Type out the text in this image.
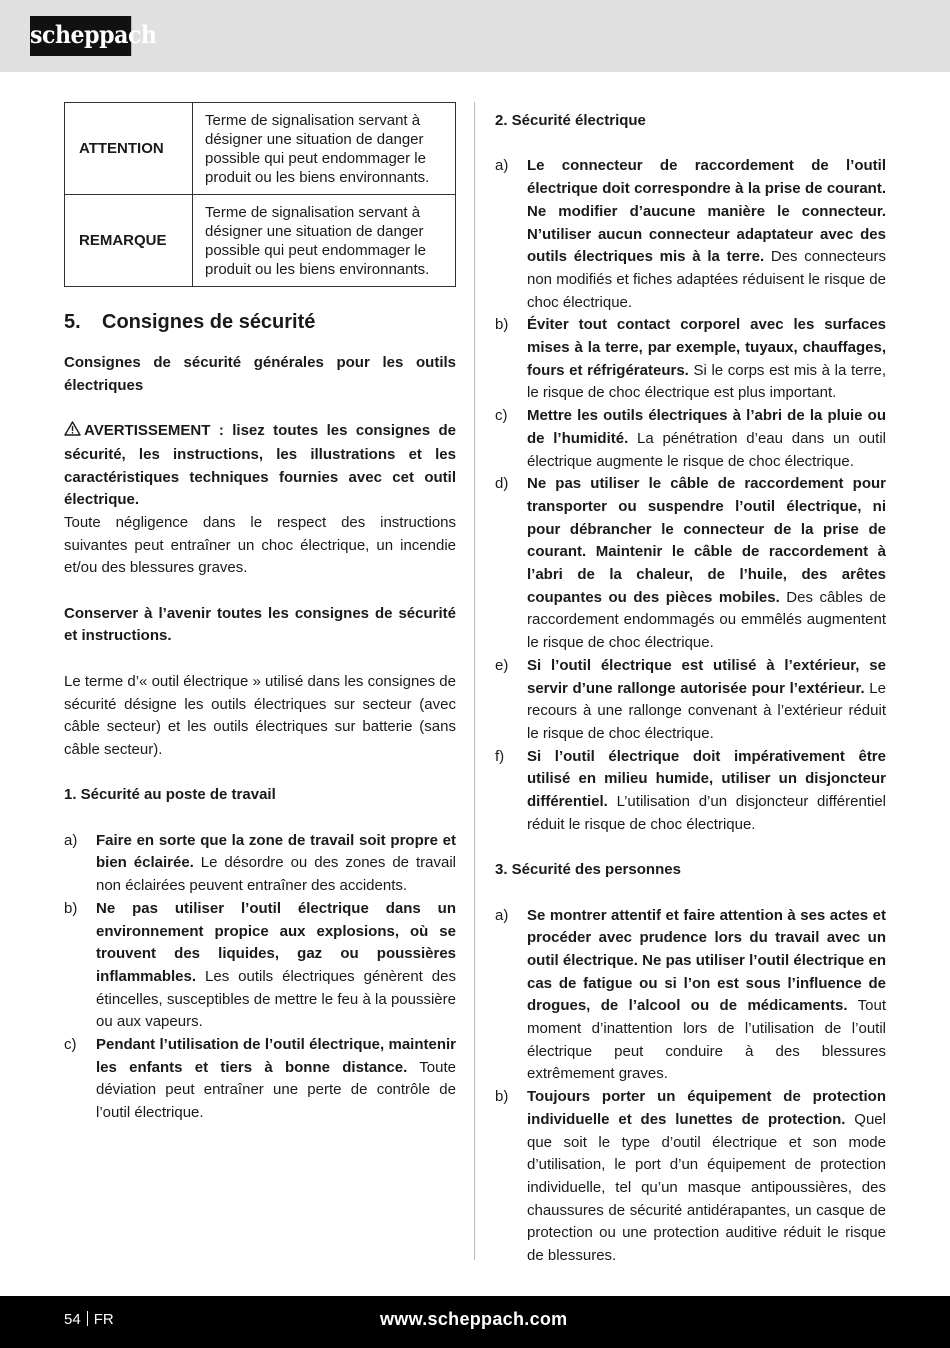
scheppach
ATTENTION	Terme de signalisation servant à désigner une situation de danger possible qui peut endommager le produit ou les biens environnants.
REMARQUE	Terme de signalisation servant à désigner une situation de danger possible qui peut endommager le produit ou les biens environnants.
5.	Consignes de sécurité

Consignes de sécurité générales pour les outils électriques

AVERTISSEMENT : lisez toutes les consignes de sécurité, les instructions, les illustrations et les caractéristiques techniques fournies avec cet outil électrique.

Toute négligence dans le respect des instructions suivantes peut entraîner un choc électrique, un incendie et/ou des blessures graves.

Conserver à l’avenir toutes les consignes de sécurité et instructions.

Le terme d’« outil électrique » utilisé dans les consignes de sécurité désigne les outils électriques sur secteur (avec câble secteur) et les outils électriques sur batterie (sans câble secteur).

1. Sécurité au poste de travail

a)	Faire en sorte que la zone de travail soit propre et bien éclairée. Le désordre ou des zones de travail non éclairées peuvent entraîner des accidents.
b)	Ne pas utiliser l’outil électrique dans un environnement propice aux explosions, où se trouvent des liquides, gaz ou poussières inflammables. Les outils électriques génèrent des étincelles, susceptibles de mettre le feu à la poussière ou aux vapeurs.
c)	Pendant l’utilisation de l’outil électrique, maintenir les enfants et tiers à bonne distance. Toute déviation peut entraîner une perte de contrôle de l’outil électrique.

2. Sécurité électrique

a)	Le connecteur de raccordement de l’outil électrique doit correspondre à la prise de courant. Ne modifier d’aucune manière le connecteur. N’utiliser aucun connecteur adaptateur avec des outils électriques mis à la terre. Des connecteurs non modifiés et fiches adaptées réduisent le risque de choc électrique.
b)	Éviter tout contact corporel avec les surfaces mises à la terre, par exemple, tuyaux, chauffages, fours et réfrigérateurs. Si le corps est mis à la terre, le risque de choc électrique est plus important.
c)	Mettre les outils électriques à l’abri de la pluie ou de l’humidité. La pénétration d’eau dans un outil électrique augmente le risque de choc électrique.
d)	Ne pas utiliser le câble de raccordement pour transporter ou suspendre l’outil électrique, ni pour débrancher le connecteur de la prise de courant. Maintenir le câble de raccordement à l’abri de la chaleur, de l’huile, des arêtes coupantes ou des pièces mobiles. Des câbles de raccordement endommagés ou emmêlés augmentent le risque de choc électrique.
e)	Si l’outil électrique est utilisé à l’extérieur, se servir d’une rallonge autorisée pour l’extérieur. Le recours à une rallonge convenant à l’extérieur réduit le risque de choc électrique.
f)	Si l’outil électrique doit impérativement être utilisé en milieu humide, utiliser un disjoncteur différentiel. L’utilisation d’un disjoncteur différentiel réduit le risque de choc électrique.

3. Sécurité des personnes

a)	Se montrer attentif et faire attention à ses actes et procéder avec prudence lors du travail avec un outil électrique. Ne pas utiliser l’outil électrique en cas de fatigue ou si l’on est sous l’influence de drogues, de l’alcool ou de médicaments. Tout moment d’inattention lors de l’utilisation de l’outil électrique peut conduire à des blessures extrêmement graves.
b)	Toujours porter un équipement de protection individuelle et des lunettes de protection. Quel que soit le type d’outil électrique et son mode d’utilisation, le port d’un équipement de protection individuelle, tel qu’un masque antipoussières, des chaussures de sécurité antidérapantes, un casque de protection ou une protection auditive réduit le risque de blessures.
54 FR	www.scheppach.com
